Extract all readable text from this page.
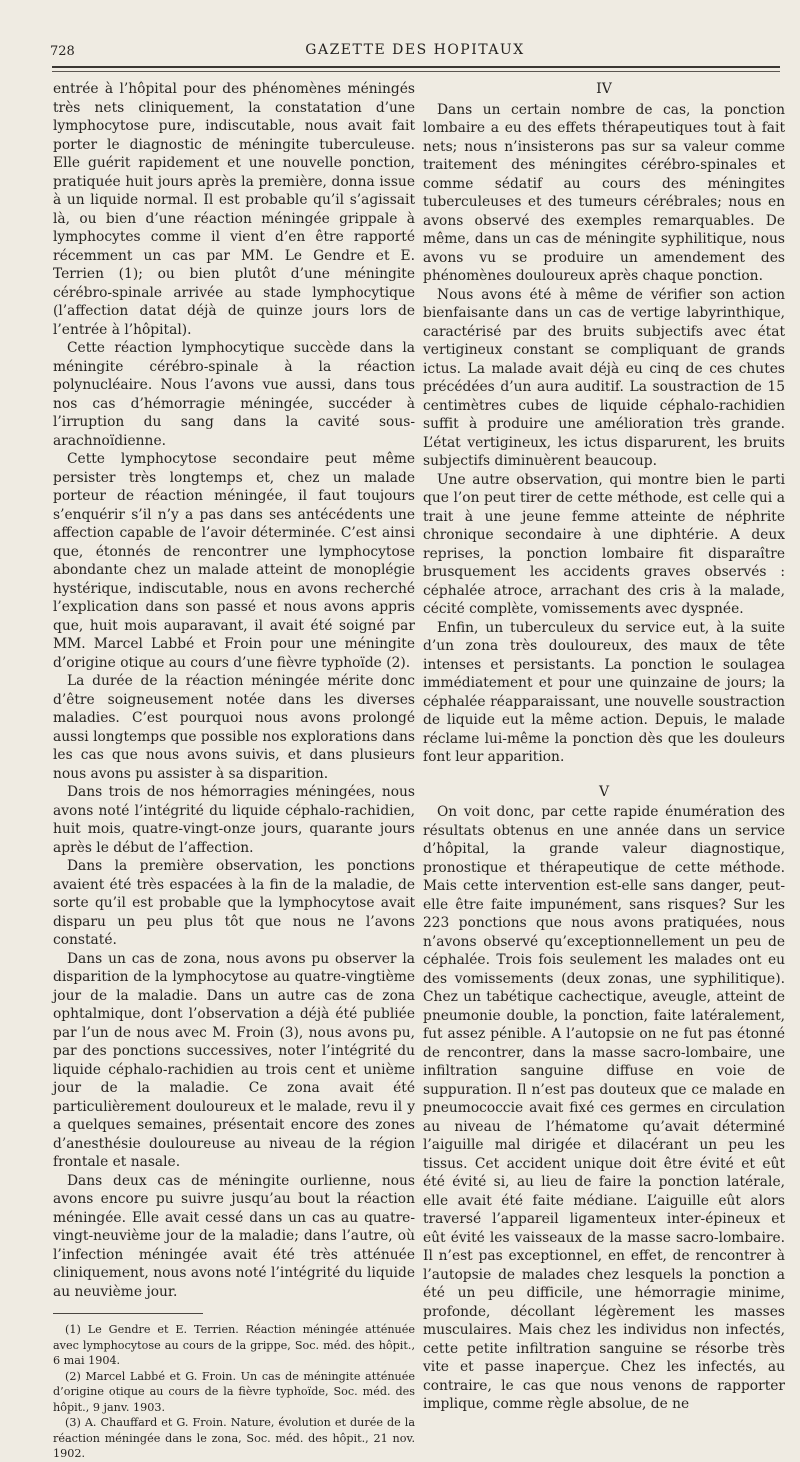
728	GAZETTE DES HOPITAUX

entrée à l’hôpital pour des phénomènes méningés très nets cliniquement, la constatation d’une lymphocytose pure, indiscutable, nous avait fait porter le diagnostic de méningite tuberculeuse. Elle guérit rapidement et une nouvelle ponction, pratiquée huit jours après la première, donna issue à un liquide normal. Il est probable qu’il s’agissait là, ou bien d’une réaction méningée grippale à lymphocytes comme il vient d’en être rapporté récemment un cas par MM. Le Gendre et E. Terrien (1); ou bien plutôt d’une méningite cérébro-spinale arrivée au stade lymphocytique (l’affection datat déjà de quinze jours lors de l’entrée à l’hôpital).

Cette réaction lymphocytique succède dans la méningite cérébro-spinale à la réaction polynucléaire. Nous l’avons vue aussi, dans tous nos cas d’hémorragie méningée, succéder à l’irruption du sang dans la cavité sous-arachnoïdienne.

Cette lymphocytose secondaire peut même persister très longtemps et, chez un malade porteur de réaction méningée, il faut toujours s’enquérir s’il n’y a pas dans ses antécédents une affection capable de l’avoir déterminée. C’est ainsi que, étonnés de rencontrer une lymphocytose abondante chez un malade atteint de monoplégie hystérique, indiscutable, nous en avons recherché l’explication dans son passé et nous avons appris que, huit mois auparavant, il avait été soigné par MM. Marcel Labbé et Froin pour une méningite d’origine otique au cours d’une fièvre typhoïde (2).

La durée de la réaction méningée mérite donc d’être soigneusement notée dans les diverses maladies. C’est pourquoi nous avons prolongé aussi longtemps que possible nos explorations dans les cas que nous avons suivis, et dans plusieurs nous avons pu assister à sa disparition.

Dans trois de nos hémorragies méningées, nous avons noté l’intégrité du liquide céphalo-rachidien, huit mois, quatre-vingt-onze jours, quarante jours après le début de l’affection.

Dans la première observation, les ponctions avaient été très espacées à la fin de la maladie, de sorte qu’il est probable que la lymphocytose avait disparu un peu plus tôt que nous ne l’avons constaté.

Dans un cas de zona, nous avons pu observer la disparition de la lymphocytose au quatre-vingtième jour de la maladie. Dans un autre cas de zona ophtalmique, dont l’observation a déjà été publiée par l’un de nous avec M. Froin (3), nous avons pu, par des ponctions successives, noter l’intégrité du liquide céphalo-rachidien au trois cent et unième jour de la maladie. Ce zona avait été particulièrement douloureux et le malade, revu il y a quelques semaines, présentait encore des zones d’anesthésie douloureuse au niveau de la région frontale et nasale.

Dans deux cas de méningite ourlienne, nous avons encore pu suivre jusqu’au bout la réaction méningée. Elle avait cessé dans un cas au quatre-vingt-neuvième jour de la maladie; dans l’autre, où l’infection méningée avait été très atténuée cliniquement, nous avons noté l’intégrité du liquide au neuvième jour.

(1) Le Gendre et E. Terrien. Réaction méningée atténuée avec lymphocytose au cours de la grippe, Soc. méd. des hôpit., 6 mai 1904.

(2) Marcel Labbé et G. Froin. Un cas de méningite atténuée d’origine otique au cours de la fièvre typhoïde, Soc. méd. des hôpit., 9 janv. 1903.

(3) A. Chauffard et G. Froin. Nature, évolution et durée de la réaction méningée dans le zona, Soc. méd. des hôpit., 21 nov. 1902.

IV

Dans un certain nombre de cas, la ponction lombaire a eu des effets thérapeutiques tout à fait nets; nous n’insisterons pas sur sa valeur comme traitement des méningites cérébro-spinales et comme sédatif au cours des méningites tuberculeuses et des tumeurs cérébrales; nous en avons observé des exemples remarquables. De même, dans un cas de méningite syphilitique, nous avons vu se produire un amendement des phénomènes douloureux après chaque ponction.

Nous avons été à même de vérifier son action bienfaisante dans un cas de vertige labyrinthique, caractérisé par des bruits subjectifs avec état vertigineux constant se compliquant de grands ictus. La malade avait déjà eu cinq de ces chutes précédées d’un aura auditif. La soustraction de 15 centimètres cubes de liquide céphalo-rachidien suffit à produire une amélioration très grande. L’état vertigineux, les ictus disparurent, les bruits subjectifs diminuèrent beaucoup.

Une autre observation, qui montre bien le parti que l’on peut tirer de cette méthode, est celle qui a trait à une jeune femme atteinte de néphrite chronique secondaire à une diphtérie. A deux reprises, la ponction lombaire fit disparaître brusquement les accidents graves observés : céphalée atroce, arrachant des cris à la malade, cécité complète, vomissements avec dyspnée.

Enfin, un tuberculeux du service eut, à la suite d’un zona très douloureux, des maux de tête intenses et persistants. La ponction le soulagea immédiatement et pour une quinzaine de jours; la céphalée réapparaissant, une nouvelle soustraction de liquide eut la même action. Depuis, le malade réclame lui-même la ponction dès que les douleurs font leur apparition.

V

On voit donc, par cette rapide énumération des résultats obtenus en une année dans un service d’hôpital, la grande valeur diagnostique, pronostique et thérapeutique de cette méthode. Mais cette intervention est-elle sans danger, peut-elle être faite impunément, sans risques? Sur les 223 ponctions que nous avons pratiquées, nous n’avons observé qu’exceptionnellement un peu de céphalée. Trois fois seulement les malades ont eu des vomissements (deux zonas, une syphilitique). Chez un tabétique cachectique, aveugle, atteint de pneumonie double, la ponction, faite latéralement, fut assez pénible. A l’autopsie on ne fut pas étonné de rencontrer, dans la masse sacro-lombaire, une infiltration sanguine diffuse en voie de suppuration. Il n’est pas douteux que ce malade en pneumococcie avait fixé ces germes en circulation au niveau de l’hématome qu’avait déterminé l’aiguille mal dirigée et dilacérant un peu les tissus. Cet accident unique doit être évité et eût été évité si, au lieu de faire la ponction latérale, elle avait été faite médiane. L’aiguille eût alors traversé l’appareil ligamenteux inter-épineux et eût évité les vaisseaux de la masse sacro-lombaire. Il n’est pas exceptionnel, en effet, de rencontrer à l’autopsie de malades chez lesquels la ponction a été un peu difficile, une hémorragie minime, profonde, décollant légèrement les masses musculaires. Mais chez les individus non infectés, cette petite infiltration sanguine se résorbe très vite et passe inaperçue. Chez les infectés, au contraire, le cas que nous venons de rapporter implique, comme règle absolue, de ne
